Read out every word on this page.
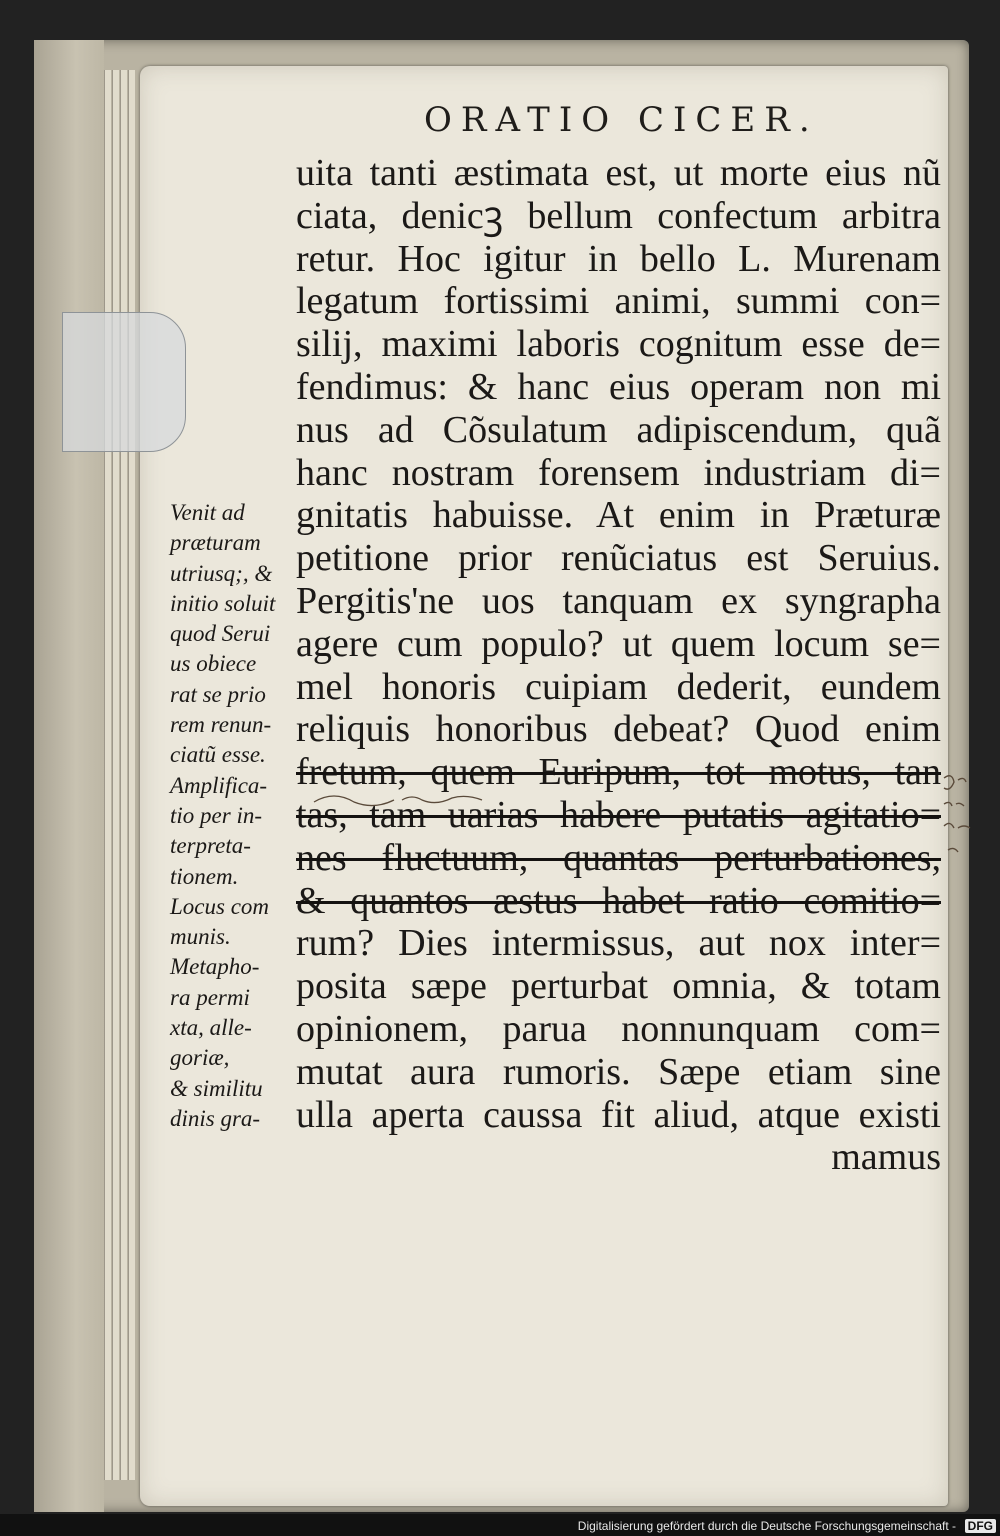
ORATIO CICER.
uita tanti æstimata est, ut morte eius nũ
ciata, denicꝫ bellum confectum arbitra
retur. Hoc igitur in bello L. Murenam
legatum fortissimi animi, summi con=
silij, maximi laboris cognitum esse de=
fendimus: & hanc eius operam non mi
nus ad Cõsulatum adipiscendum, quã
hanc nostram forensem industriam di=
gnitatis habuisse. At enim in Præturæ
petitione prior renũciatus est Seruius.
Pergitis'ne uos tanquam ex syngrapha
agere cum populo? ut quem locum se=
mel honoris cuipiam dederit, eundem
reliquis honoribus debeat? Quod enim
fretum, quem Euripum, tot motus, tan
tas, tam uarias habere putatis agitatio=
nes fluctuum, quantas perturbationes,
& quantos æstus habet ratio comitio=
rum? Dies intermissus, aut nox inter=
posita sæpe perturbat omnia, & totam
opinionem, parua nonnunquam com=
mutat aura rumoris. Sæpe etiam sine
ulla aperta caussa fit aliud, atque existi
mamus
Venit ad
præturam
utriusq;, &
initio soluit
quod Serui
us obiece
rat se prio
rem renun-
ciatũ esse.
Amplifica-
tio per in-
terpreta-
tionem.
Locus com
munis.
Metapho-
ra permi
xta, alle-
goriæ,
& similitu
dinis gra-
Digitalisierung gefördert durch die Deutsche Forschungsgemeinschaft - DFG
